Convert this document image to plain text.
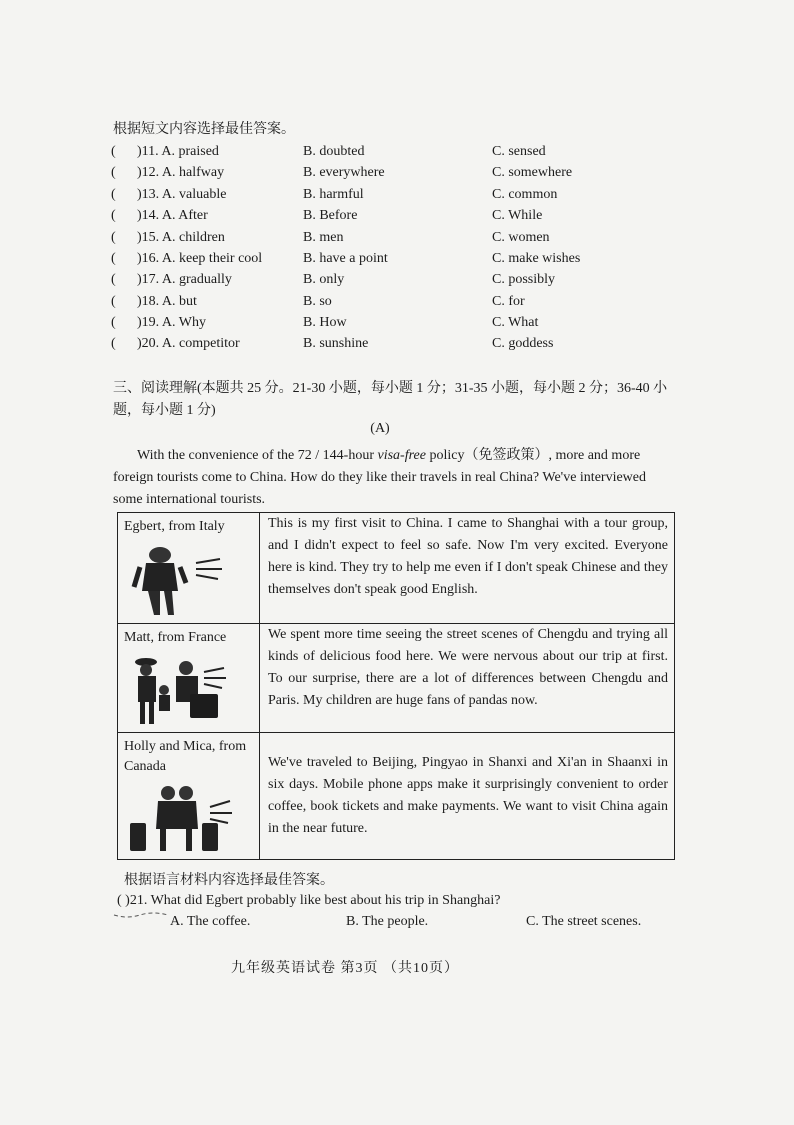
根据短文内容选择最佳答案。
( )11. A. praised	B. doubted	C. sensed
( )12. A. halfway	B. everywhere	C. somewhere
( )13. A. valuable	B. harmful	C. common
( )14. A. After	B. Before	C. While
( )15. A. children	B. men	C. women
( )16. A. keep their cool	B. have a point	C. make wishes
( )17. A. gradually	B. only	C. possibly
( )18. A. but	B. so	C. for
( )19. A. Why	B. How	C. What
( )20. A. competitor	B. sunshine	C. goddess
三、阅读理解(本题共 25 分。21-30 小题，每小题 1 分；31-35 小题，每小题 2 分；36-40 小题，每小题 1 分)
(A)
With the convenience of the 72 / 144-hour visa-free policy（免签政策）, more and more foreign tourists come to China. How do they like their travels in real China? We've interviewed some international tourists.
Egbert, from Italy	This is my first visit to China. I came to Shanghai with a tour group, and I didn't expect to feel so safe. Now I'm very excited. Everyone here is kind. They try to help me even if I don't speak Chinese and they themselves don't speak good English.

Matt, from France	We spent more time seeing the street scenes of Chengdu and trying all kinds of delicious food here. We were nervous about our trip at first. To our surprise, there are a lot of differences between Chengdu and Paris. My children are huge fans of pandas now.

Holly and Mica, from Canada	We've traveled to Beijing, Pingyao in Shanxi and Xi'an in Shaanxi in six days. Mobile phone apps make it surprisingly convenient to order coffee, book tickets and make payments. We want to visit China again in the near future.
根据语言材料内容选择最佳答案。
( )21. What did Egbert probably like best about his trip in Shanghai?
A. The coffee.	B. The people.	C. The street scenes.
九年级英语试卷 第3页 （共10页）
